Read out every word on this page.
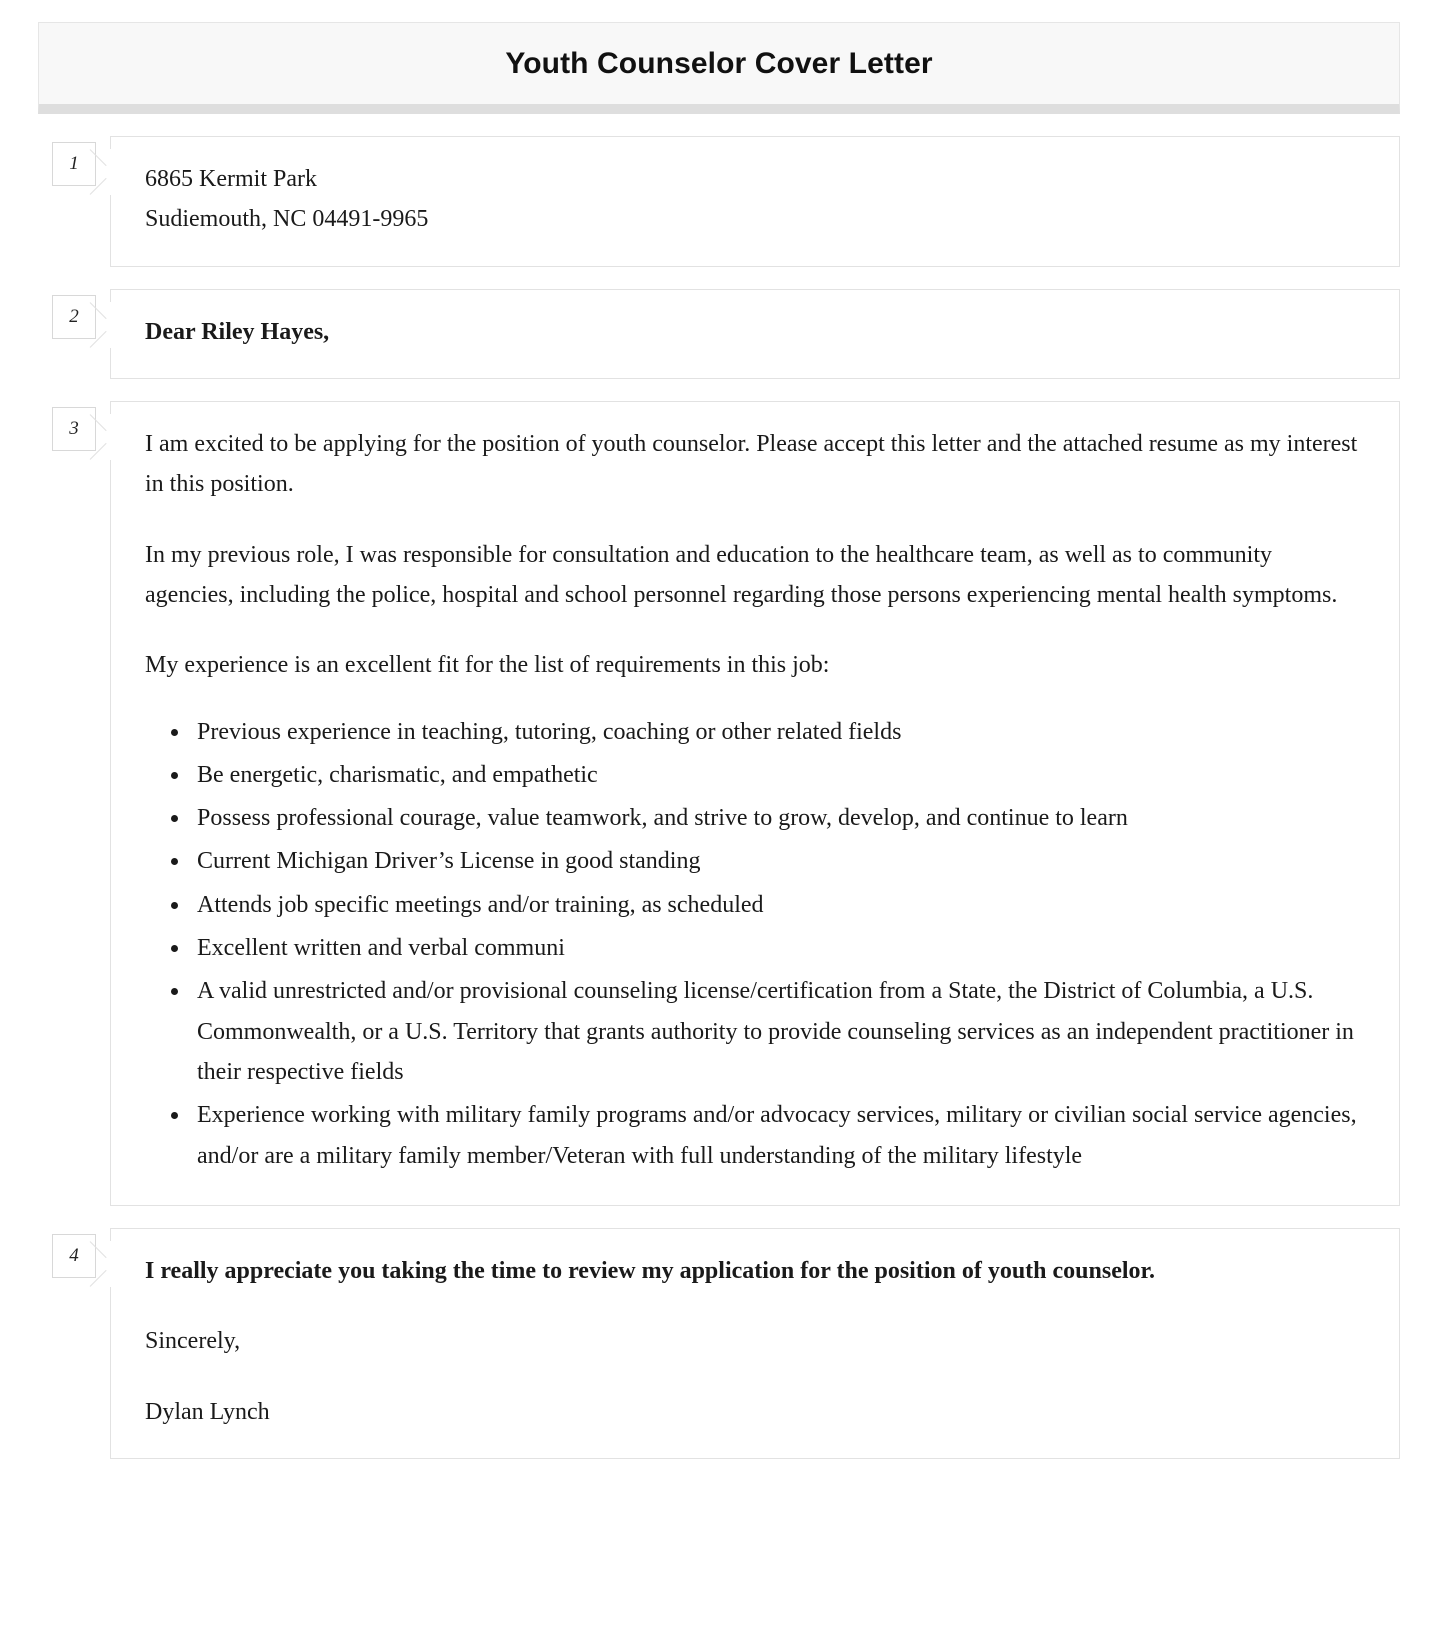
Youth Counselor Cover Letter
1
6865 Kermit Park
Sudiemouth, NC 04491-9965
2

Dear Riley Hayes,

3

I am excited to be applying for the position of youth counselor. Please accept this letter and the attached resume as my interest in this position.

In my previous role, I was responsible for consultation and education to the healthcare team, as well as to community agencies, including the police, hospital and school personnel regarding those persons experiencing mental health symptoms.

My experience is an excellent fit for the list of requirements in this job:

• Previous experience in teaching, tutoring, coaching or other related fields
• Be energetic, charismatic, and empathetic
• Possess professional courage, value teamwork, and strive to grow, develop, and continue to learn
• Current Michigan Driver’s License in good standing
• Attends job specific meetings and/or training, as scheduled
• Excellent written and verbal communi
• A valid unrestricted and/or provisional counseling license/certification from a State, the District of Columbia, a U.S. Commonwealth, or a U.S. Territory that grants authority to provide counseling services as an independent practitioner in their respective fields
• Experience working with military family programs and/or advocacy services, military or civilian social service agencies, and/or are a military family member/Veteran with full understanding of the military lifestyle
4

I really appreciate you taking the time to review my application for the position of youth counselor.

Sincerely,

Dylan Lynch
